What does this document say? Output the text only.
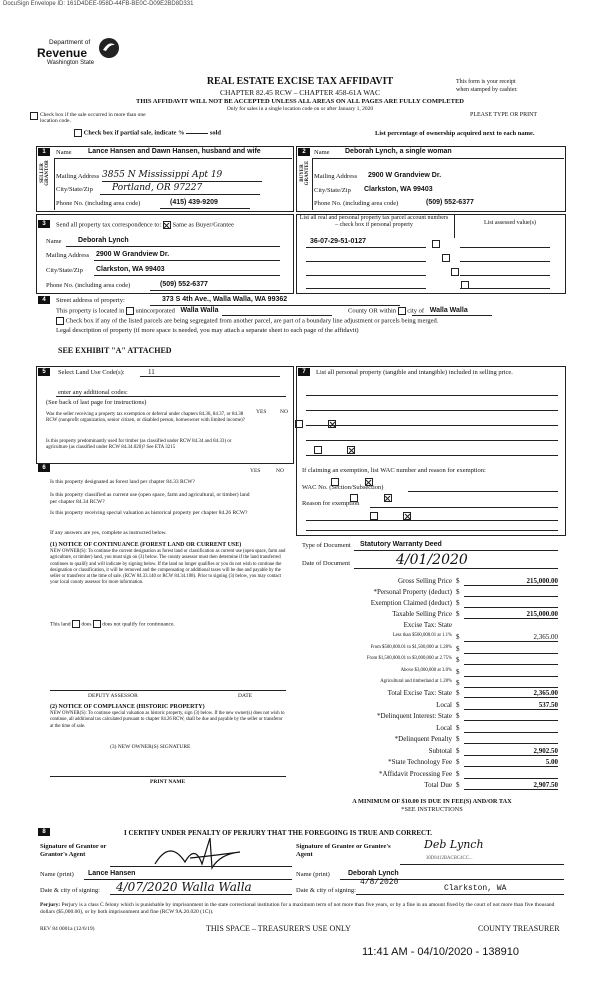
DocuSign Envelope ID: 161D4DEE-958D-44FB-BE0C-D09E2BD8D331
Department of
Revenue
Washington State
REAL ESTATE EXCISE TAX AFFIDAVIT
CHAPTER 82.45 RCW – CHAPTER 458-61A WAC
THIS AFFIDAVIT WILL NOT BE ACCEPTED UNLESS ALL AREAS ON ALL PAGES ARE FULLY COMPLETED
Only for sales in a single location code on or after January 1, 2020
This form is your receipt
when stamped by cashier.
PLEASE TYPE OR PRINT
Check box if the sale occurred in more than one location code.
Check box if partial sale, indicate %	sold	List percentage of ownership acquired next to each name.
1	2
Name Lance Hansen and Dawn Hansen, husband and wife
SELLER GRANTOR Mailing Address 3855 N Mississippi Apt 19
City/State/Zip Portland, OR 97227
Phone No. (including area code)	(415) 439-9209
Name Deborah Lynch, a single woman
BUYER GRANTEE Mailing Address 2900 W Grandview Dr.
City/State/Zip Clarkston, WA 99403
Phone No. (including area code)	(509) 552-6377
3	Send all property tax correspondence to: Same as Buyer/Grantee
Name Deborah Lynch
Mailing Address 2900 W Grandview Dr.
City/State/Zip Clarkston, WA 99403
Phone No. (including area code)	(509) 552-6377
List all real and personal property tax parcel account numbers – check box if personal property	List assessed value(s)
36-07-29-51-0127

4	Street address of property:	373 S 4th Ave., Walla Walla, WA 99362
This property is located in unincorporated Walla Walla	County OR within city of Walla Walla
Check box if any of the listed parcels are being segregated from another parcel, are part of a boundary line adjustment or parcels being merged.
Legal description of property (if more space is needed, you may attach a separate sheet to each page of the affidavit)
SEE EXHIBIT "A" ATTACHED
5	Select Land Use Code(s):	11
enter any additional codes:
(See back of last page for instructions)
YES NO
Was the seller receiving a property tax exemption or deferral under chapters 84.36, 84.37, or 84.38 RCW (nonprofit organization, senior citizen, or disabled person, homeowner with limited income)?

Is this property predominantly used for timber (as classified under RCW 84.34 and 84.33) or agriculture (as classified under RCW 84.34.020)? See ETA 3215

6	YES	NO
Is this property designated as forest land per chapter 84.33 RCW?

Is this property classified as current use (open space, farm and agricultural, or timber) land per chapter 84.34 RCW?

Is this property receiving special valuation as historical property per chapter 84.26 RCW?

If any answers are yes, complete as instructed below.
(1) NOTICE OF CONTINUANCE (FOREST LAND OR CURRENT USE)
NEW OWNER(S): To continue the current designation as forest land or classification as current use (open space, farm and agriculture, or timber) land, you must sign on (3) below. The county assessor must then determine if the land transferred continues to qualify and will indicate by signing below. If the land no longer qualifies or you do not wish to continue the designation or classification, it will be removed and the compensating or additional taxes will be due and payable by the seller or transferor at the time of sale. (RCW 84.33.140 or RCW 84.34.108). Prior to signing (3) below, you may contact your local county assessor for more information.
This land does does not qualify for continuance.
DEPUTY ASSESSOR	DATE
(2) NOTICE OF COMPLIANCE (HISTORIC PROPERTY)
NEW OWNER(S): To continue special valuation as historic property, sign (3) below. If the new owner(s) does not wish to continue, all additional tax calculated pursuant to chapter 84.26 RCW, shall be due and payable by the seller or transferor at the time of sale.
(3) NEW OWNER(S) SIGNATURE
PRINT NAME
7	List all personal property (tangible and intangible) included in selling price.
If claiming an exemption, list WAC number and reason for exemption:
WAC No. (Section/Subsection)
Reason for exemption
Type of Document Statutory Warranty Deed
Date of Document	4/01/2020
Gross Selling Price $	215,000.00
*Personal Property (deduct) $
Exemption Claimed (deduct) $
Taxable Selling Price $	215,000.00
Excise Tax: State
Less than $500,000.01 at 1.1% $	2,365.00
From $500,000.01 to $1,500,000 at 1.28% $
From $1,500,000.01 to $3,000,000 at 2.75% $
Above $3,000,000 at 3.0% $
Agricultural and timberland at 1.28% $
Total Excise Tax: State $	2,365.00
Local $	537.50
*Delinquent Interest: State $
Local $
*Delinquent Penalty $
Subtotal $	2,902.50
*State Technology Fee $	5.00
*Affidavit Processing Fee $
Total Due $	2,907.50
A MINIMUM OF $10.00 IS DUE IN FEE(S) AND/OR TAX
*SEE INSTRUCTIONS
8	I CERTIFY UNDER PENALTY OF PERJURY THAT THE FOREGOING IS TRUE AND CORRECT.
Signature of Grantor or Grantor's Agent
Signature of Grantee or Grantee's Agent
Deb Lynch
30D8412BACBC4CC...
Name (print) Lance Hansen	Name (print)	Deborah Lynch
Date & city of signing: 4/07/2020 Walla Walla	Date & city of signing:
4/8/2020
Clarkston, WA
Perjury: Perjury is a class C felony which is punishable by imprisonment in the state correctional institution for a maximum term of not more than five years, or by a fine in an amount fixed by the court of not more than five thousand dollars ($5,000.00), or by both imprisonment and fine (RCW 9A.20.020 (1C)).
REV 84 0001a (12/6/19)	THIS SPACE – TREASURER'S USE ONLY	COUNTY TREASURER
11:41 AM - 04/10/2020 - 138910
